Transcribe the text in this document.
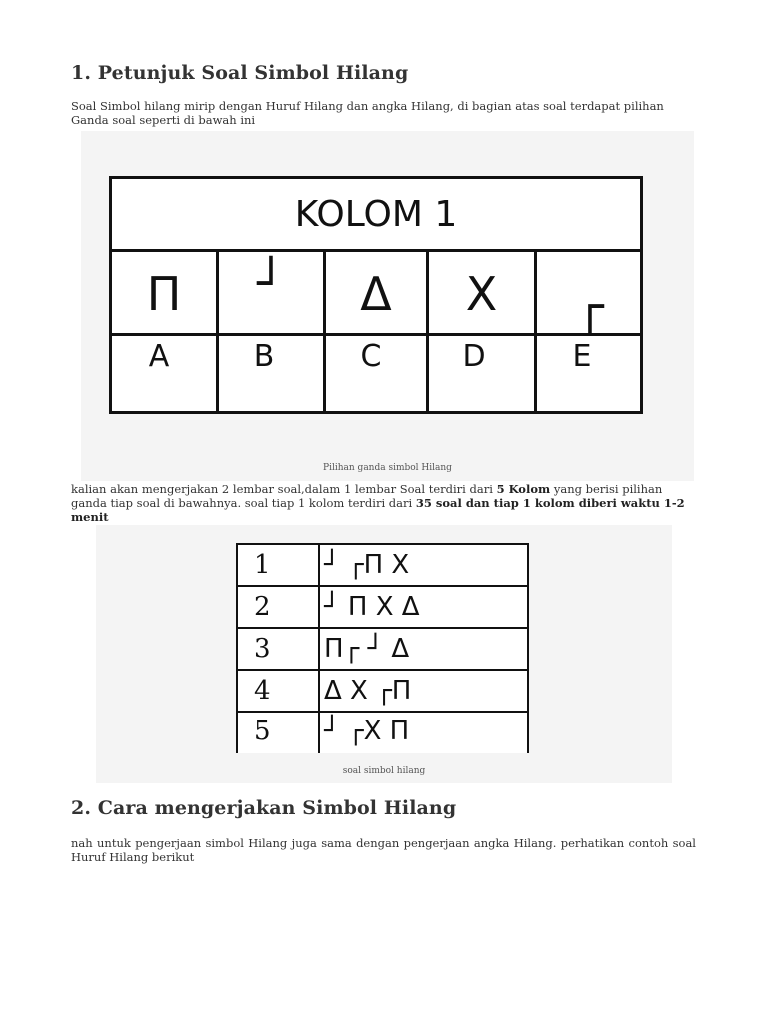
1. Petunjuk Soal Simbol Hilang

Soal Simbol hilang mirip dengan Huruf Hilang dan angka Hilang, di bagian atas soal terdapat pilihan Ganda soal seperti di bawah ini

KOLOM 1
Π	┘	Δ	X	┌
A	B	C	D	E
Pilihan ganda simbol Hilang

kalian akan mengerjakan 2 lembar soal,dalam 1 lembar Soal terdiri dari 5 Kolom yang berisi pilihan ganda tiap soal di bawahnya. soal tiap 1 kolom terdiri dari 35 soal dan tiap 1 kolom diberi waktu 1-2 menit

1	┘ ┌Π X
2	┘ Π X Δ
3	Π┌ ┘ Δ
4	Δ X ┌Π
5	┘ ┌X Π
soal simbol hilang
2. Cara mengerjakan Simbol Hilang

nah untuk pengerjaan simbol Hilang juga sama dengan pengerjaan angka Hilang. perhatikan contoh soal Huruf Hilang berikut
